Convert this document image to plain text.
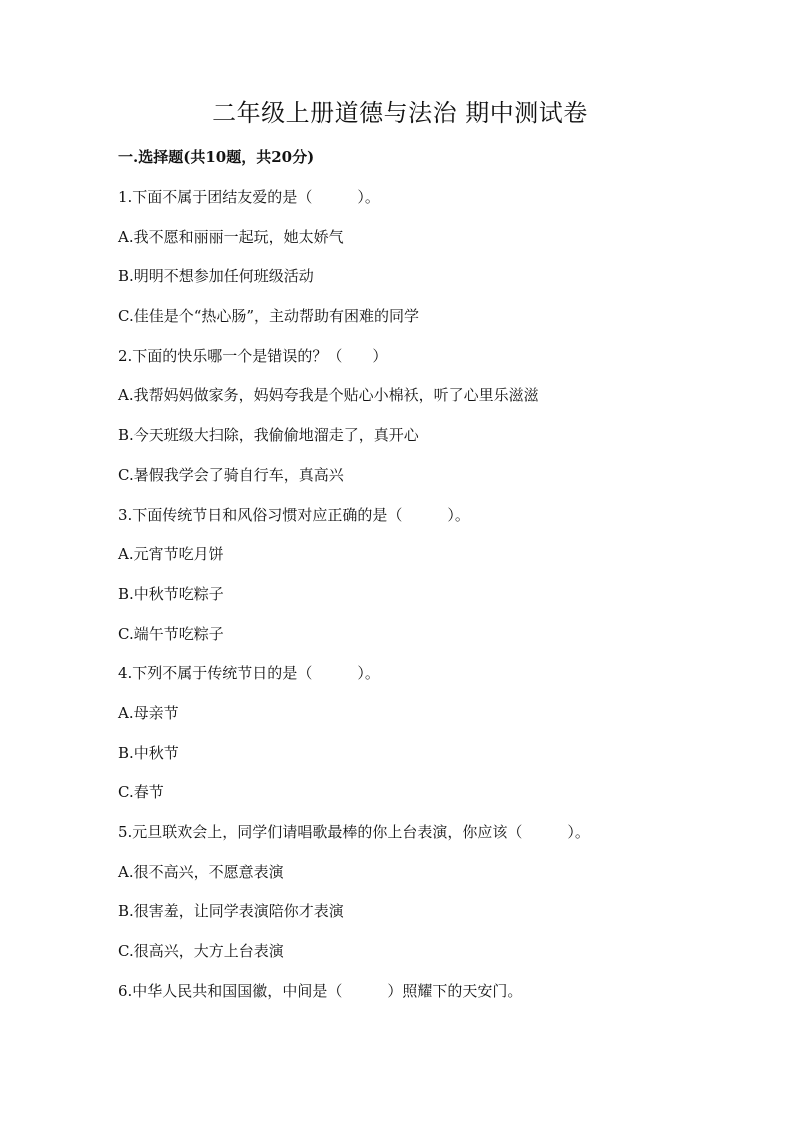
二年级上册道德与法治 期中测试卷
一.选择题(共10题，共20分)
1.下面不属于团结友爱的是（　　　）。
A.我不愿和丽丽一起玩，她太娇气
B.明明不想参加任何班级活动
C.佳佳是个“热心肠”，主动帮助有困难的同学
2.下面的快乐哪一个是错误的？（　　）
A.我帮妈妈做家务，妈妈夸我是个贴心小棉袄，听了心里乐滋滋
B.今天班级大扫除，我偷偷地溜走了，真开心
C.暑假我学会了骑自行车，真高兴
3.下面传统节日和风俗习惯对应正确的是（　　　）。
A.元宵节吃月饼
B.中秋节吃粽子
C.端午节吃粽子
4.下列不属于传统节日的是（　　　）。
A.母亲节
B.中秋节
C.春节
5.元旦联欢会上，同学们请唱歌最棒的你上台表演，你应该（　　　）。
A.很不高兴，不愿意表演
B.很害羞，让同学表演陪你才表演
C.很高兴，大方上台表演
6.中华人民共和国国徽，中间是（　　　）照耀下的天安门。
